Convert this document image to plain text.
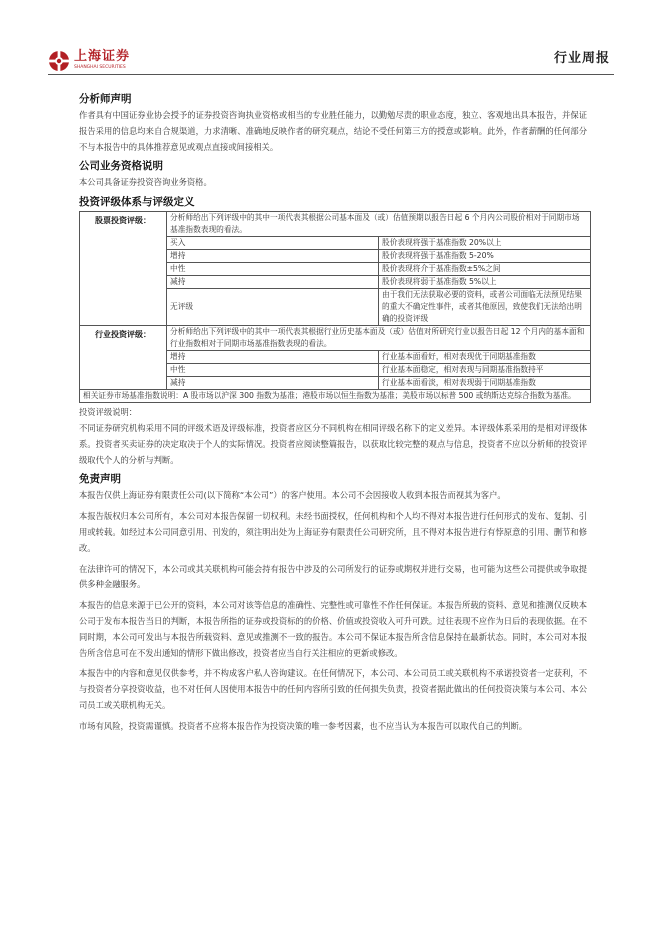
上海证券
SHANGHAI SECURITIES
行业周报
分析师声明

作者具有中国证券业协会授予的证券投资咨询执业资格或相当的专业胜任能力，以勤勉尽责的职业态度，独立、客观地出具本报告，并保证报告采用的信息均来自合规渠道，力求清晰、准确地反映作者的研究观点，结论不受任何第三方的授意或影响。此外，作者薪酬的任何部分不与本报告中的具体推荐意见或观点直接或间接相关。

公司业务资格说明

本公司具备证券投资咨询业务资格。

投资评级体系与评级定义
股票投资评级：	分析师给出下列评级中的其中一项代表其根据公司基本面及（或）估值预期以报告日起 6 个月内公司股价相对于同期市场基准指数表现的看法。	
	买入	股价表现将强于基准指数 20%以上
	增持	股价表现将强于基准指数 5-20%
	中性	股价表现将介于基准指数±5%之间
	减持	股价表现将弱于基准指数 5%以上
	无评级	由于我们无法获取必要的资料，或者公司面临无法预见结果的重大不确定性事件，或者其他原因，致使我们无法给出明确的投资评级
行业投资评级：	分析师给出下列评级中的其中一项代表其根据行业历史基本面及（或）估值对所研究行业以报告日起 12 个月内的基本面和行业指数相对于同期市场基准指数表现的看法。	
	增持	行业基本面看好，相对表现优于同期基准指数
	中性	行业基本面稳定，相对表现与同期基准指数持平
	减持	行业基本面看淡，相对表现弱于同期基准指数
相关证券市场基准指数说明：A 股市场以沪深 300 指数为基准；港股市场以恒生指数为基准；美股市场以标普 500 或纳斯达克综合指数为基准。		

投资评级说明：

不同证券研究机构采用不同的评级术语及评级标准，投资者应区分不同机构在相同评级名称下的定义差异。本评级体系采用的是相对评级体系。投资者买卖证券的决定取决于个人的实际情况。投资者应阅读整篇报告，以获取比较完整的观点与信息，投资者不应以分析师的投资评级取代个人的分析与判断。

免责声明

本报告仅供上海证券有限责任公司(以下简称“本公司”）的客户使用。本公司不会因接收人收到本报告而视其为客户。

本报告版权归本公司所有，本公司对本报告保留一切权利。未经书面授权，任何机构和个人均不得对本报告进行任何形式的发布、复制、引用或转载。如经过本公司同意引用、刊发的，须注明出处为上海证券有限责任公司研究所，且不得对本报告进行有悖原意的引用、删节和修改。

在法律许可的情况下，本公司或其关联机构可能会持有报告中涉及的公司所发行的证券或期权并进行交易，也可能为这些公司提供或争取提供多种金融服务。

本报告的信息来源于已公开的资料，本公司对该等信息的准确性、完整性或可靠性不作任何保证。本报告所载的资料、意见和推测仅反映本公司于发布本报告当日的判断，本报告所指的证券或投资标的的价格、价值或投资收入可升可跌。过往表现不应作为日后的表现依据。在不同时期，本公司可发出与本报告所载资料、意见或推测不一致的报告。本公司不保证本报告所含信息保持在最新状态。同时，本公司对本报告所含信息可在不发出通知的情形下做出修改，投资者应当自行关注相应的更新或修改。

本报告中的内容和意见仅供参考，并不构成客户私人咨询建议。在任何情况下，本公司、本公司员工或关联机构不承诺投资者一定获利，不与投资者分享投资收益，也不对任何人因使用本报告中的任何内容所引致的任何损失负责，投资者据此做出的任何投资决策与本公司、本公司员工或关联机构无关。

市场有风险，投资需谨慎。投资者不应将本报告作为投资决策的唯一参考因素，也不应当认为本报告可以取代自己的判断。
